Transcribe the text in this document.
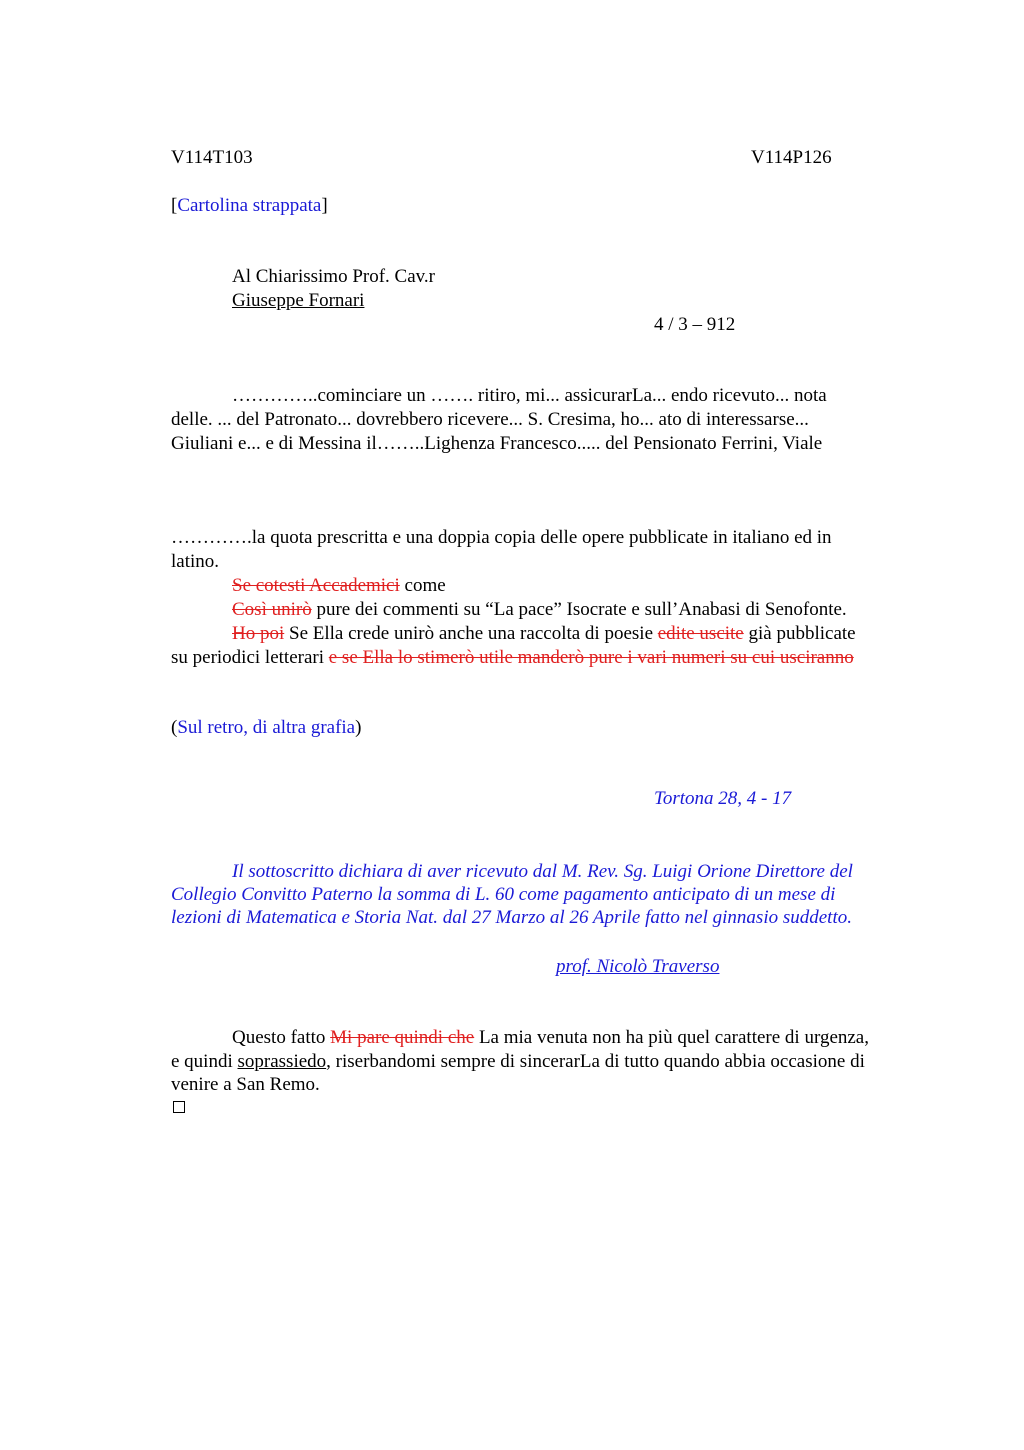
V114T103	V114P126
[Cartolina strappata]
Al Chiarissimo Prof. Cav.r
Giuseppe Fornari
4 / 3 – 912
…………..cominciare un ……. ritiro, mi... assicurarLa... endo ricevuto... nota
delle. ... del Patronato... dovrebbero ricevere... S. Cresima, ho... ato di interessarse...
Giuliani e... e di Messina il……..Lighenza Francesco..... del Pensionato Ferrini, Viale
………….la quota prescritta e una doppia copia delle opere pubblicate in italiano ed in
latino.
Se cotesti Accademici come
Così unirò pure dei commenti su “La pace” Isocrate e sull’Anabasi di Senofonte.
Ho poi Se Ella crede unirò anche una raccolta di poesie edite uscite già pubblicate
su periodici letterari e se Ella lo stimerò utile manderò pure i vari numeri su cui usciranno
(Sul retro, di altra grafia)
Tortona 28, 4 - 17
Il sottoscritto dichiara di aver ricevuto dal M. Rev. Sg. Luigi Orione Direttore del
Collegio Convitto Paterno la somma di L. 60 come pagamento anticipato di un mese di
lezioni di Matematica e Storia Nat. dal 27 Marzo al 26 Aprile fatto nel ginnasio suddetto.
prof. Nicolò Traverso
Questo fatto Mi pare quindi che La mia venuta non ha più quel carattere di urgenza,
e quindi soprassiedo, riserbandomi sempre di sincerarLa di tutto quando abbia occasione di
venire a San Remo.
